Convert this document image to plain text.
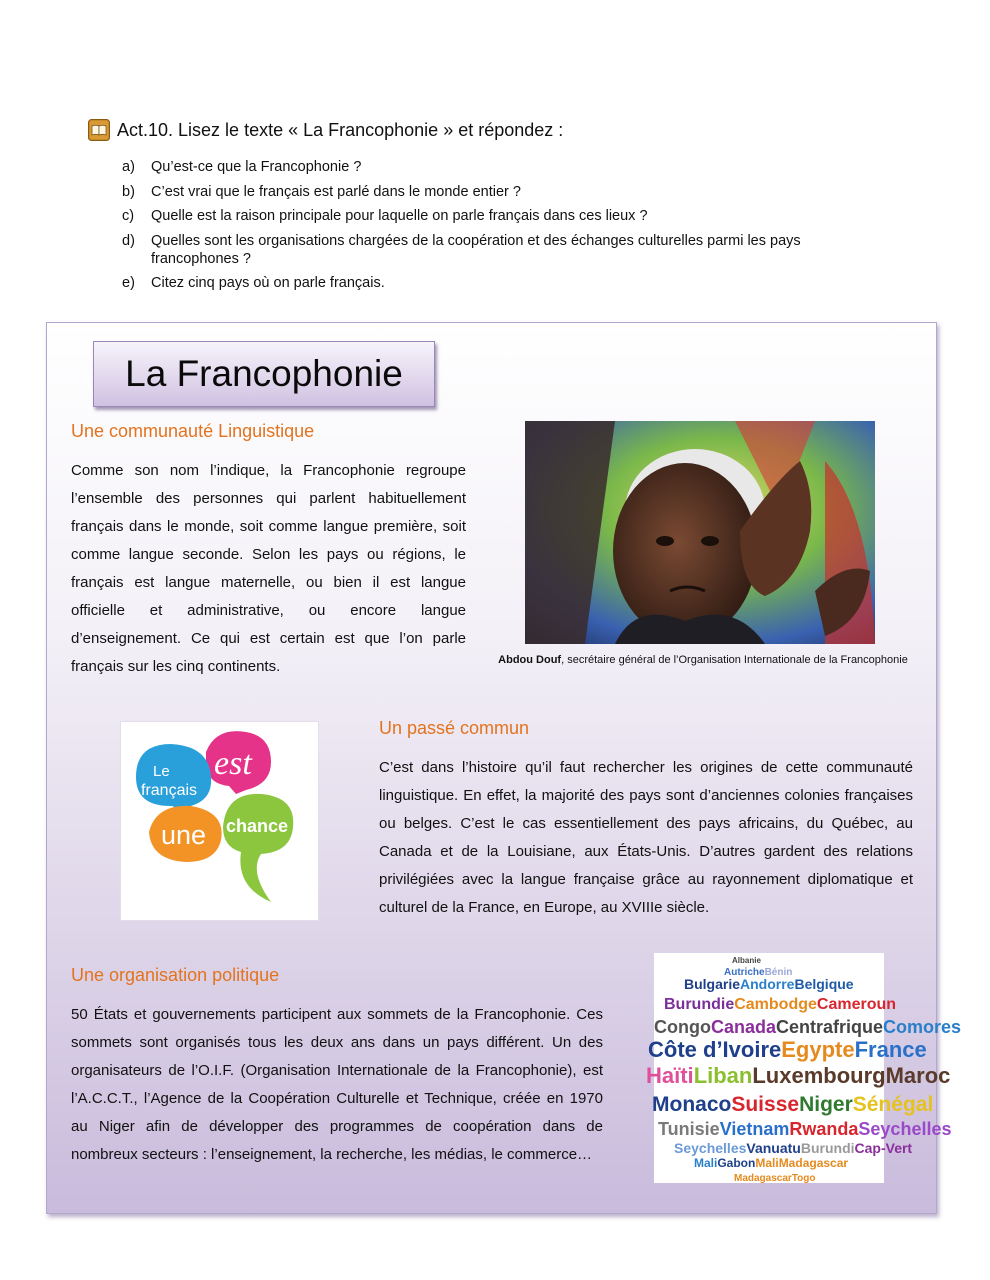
Act.10. Lisez le texte « La Francophonie » et répondez :
a)	Qu’est-ce que la Francophonie ?
b)	C’est vrai que le français est parlé dans le monde entier ?
c)	Quelle est la raison principale pour laquelle on parle français dans ces lieux ?
d)	Quelles sont les organisations chargées de la coopération et des échanges culturelles parmi les pays francophones ?
e)	Citez cinq pays où on parle français.
La Francophonie
Une communauté Linguistique

Comme son nom l’indique, la Francophonie regroupe l’ensemble des personnes qui parlent habituellement français dans le monde, soit comme langue première, soit comme langue seconde. Selon les pays ou régions, le français est langue maternelle, ou bien il est langue officielle et administrative, ou encore langue d’enseignement. Ce qui est certain est que l’on parle français sur les cinq continents.	Abdou Douf, secrétaire général de l’Organisation Internationale de la Francophonie
Le
français
est
une chance
Un passé commun

C’est dans l’histoire qu’il faut rechercher les origines de cette communauté linguistique. En effet, la majorité des pays sont d’anciennes colonies françaises ou belges. C’est le cas essentiellement des pays africains, du Québec, au Canada et de la Louisiane, aux États-Unis. D’autres gardent des relations privilégiées avec la langue française grâce au rayonnement diplomatique et culturel de la France, en Europe, au XVIIIe siècle.

Une organisation politique

50 États et gouvernements participent aux sommets de la Francophonie. Ces sommets sont organisés tous les deux ans dans un pays différent. Un des organisateurs de l’O.I.F. (Organisation Internationale de la Francophonie), est l’A.C.C.T., l’Agence de la Coopération Culturelle et Technique, créée en 1970 au Niger afin de développer des programmes de coopération dans de nombreux secteurs : l’enseignement, la recherche, les médias, le commerce…

Albanie
AutricheBénin
BulgarieAndorreBelgique
BurundieCambodgeCameroun
CongoCanadaCentrafriqueComores
Côte d’IvoireEgypteFrance
HaïtiLibanLuxembourgMaroc
MonacoSuisseNigerSénégal
TunisieVietnamRwandaSeychelles
SeychellesVanuatuBurundiCap-Vert
MaliGabonMaliMadagascar
MadagascarTogo
